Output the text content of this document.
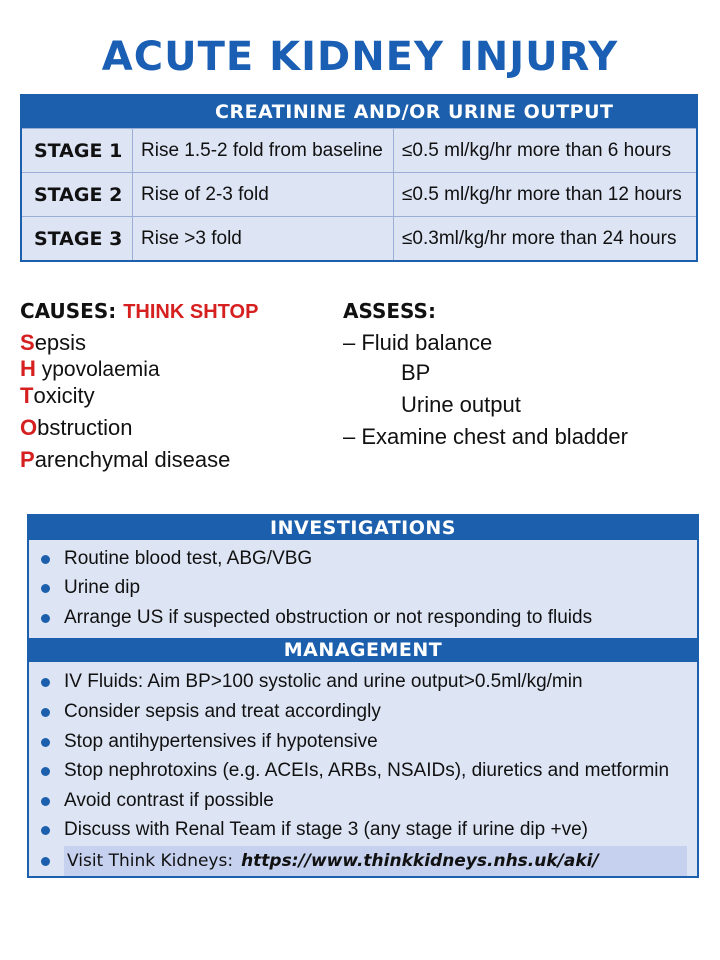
ACUTE KIDNEY INJURY
	CREATININE AND/OR URINE OUTPUT	
STAGE 1	Rise 1.5-2 fold from baseline	≤0.5 ml/kg/hr more than 6 hours
STAGE 2	Rise of 2-3 fold	≤0.5 ml/kg/hr more than 12 hours
STAGE 3	Rise >3 fold	≤0.3ml/kg/hr more than 24 hours

CAUSES: THINK SHTOP

Sepsis

H ypovolaemia

Toxicity

Obstruction

Parenchymal disease

ASSESS:

– Fluid balance

BP

Urine output

– Examine chest and bladder

INVESTIGATIONS
Routine blood test, ABG/VBG
Urine dip
Arrange US if suspected obstruction or not responding to fluids
MANAGEMENT
IV Fluids: Aim BP>100 systolic and urine output>0.5ml/kg/min
Consider sepsis and treat accordingly
Stop antihypertensives if hypotensive
Stop nephrotoxins (e.g. ACEIs, ARBs, NSAIDs), diuretics and metformin
Avoid contrast if possible
Discuss with Renal Team if stage 3 (any stage if urine dip +ve)
Visit Think Kidneys: https://www.thinkkidneys.nhs.uk/aki/
